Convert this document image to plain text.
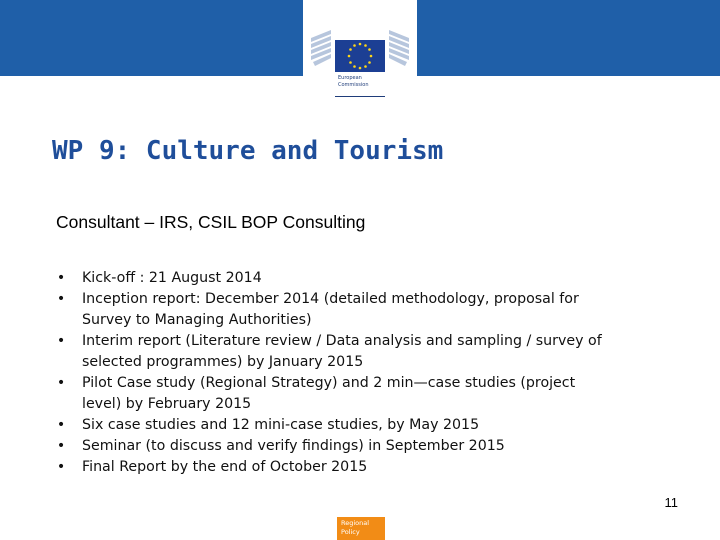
European
Commission
WP 9: Culture and Tourism

Consultant – IRS, CSIL BOP Consulting

• Kick-off : 21 August 2014
• Inception report: December 2014 (detailed methodology, proposal for
Survey to Managing Authorities)
• Interim report (Literature review / Data analysis and sampling / survey of
selected programmes) by January 2015
• Pilot Case study (Regional Strategy) and 2 min—case studies (project
level) by February 2015
• Six case studies and 12 mini-case studies, by May 2015
• Seminar (to discuss and verify findings) in September 2015
• Final Report by the end of October 2015
11
Regional
Policy
